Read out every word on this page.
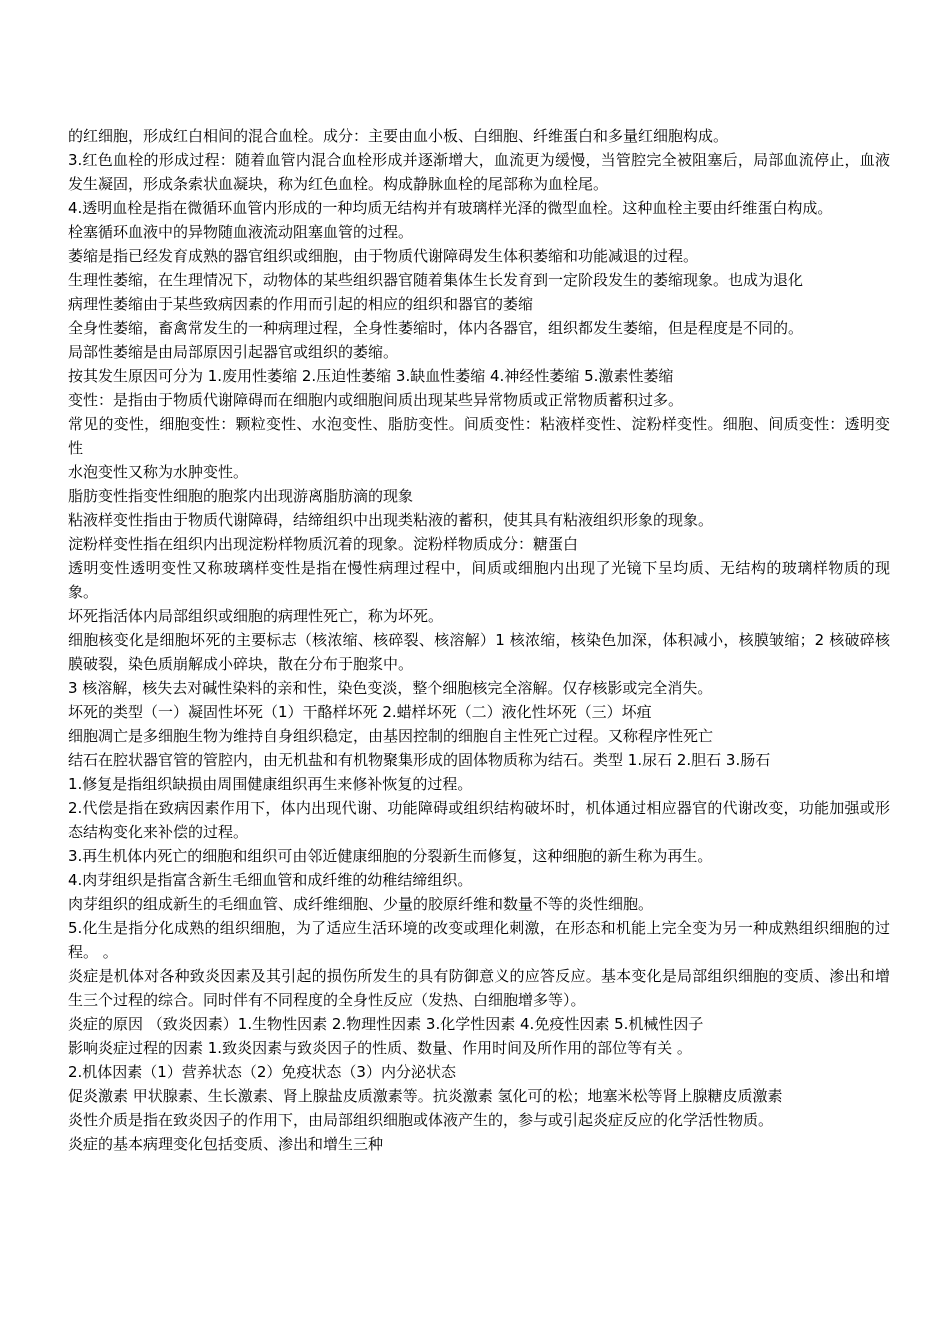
的红细胞，形成红白相间的混合血栓。成分：主要由血小板、白细胞、纤维蛋白和多量红细胞构成。

3.红色血栓的形成过程：随着血管内混合血栓形成并逐渐增大，血流更为缓慢，当管腔完全被阻塞后，局部血流停止，血液发生凝固，形成条索状血凝块，称为红色血栓。构成静脉血栓的尾部称为血栓尾。

4.透明血栓是指在微循环血管内形成的一种均质无结构并有玻璃样光泽的微型血栓。这种血栓主要由纤维蛋白构成。

栓塞循环血液中的异物随血液流动阻塞血管的过程。

萎缩是指已经发育成熟的器官组织或细胞，由于物质代谢障碍发生体积萎缩和功能减退的过程。

生理性萎缩，在生理情况下，动物体的某些组织器官随着集体生长发育到一定阶段发生的萎缩现象。也成为退化

病理性萎缩由于某些致病因素的作用而引起的相应的组织和器官的萎缩

全身性萎缩，畜禽常发生的一种病理过程，全身性萎缩时，体内各器官，组织都发生萎缩，但是程度是不同的。

局部性萎缩是由局部原因引起器官或组织的萎缩。

按其发生原因可分为 1.废用性萎缩 2.压迫性萎缩 3.缺血性萎缩 4.神经性萎缩 5.激素性萎缩

变性：是指由于物质代谢障碍而在细胞内或细胞间质出现某些异常物质或正常物质蓄积过多。

常见的变性，细胞变性：颗粒变性、水泡变性、脂肪变性。间质变性：粘液样变性、淀粉样变性。细胞、间质变性：透明变性

水泡变性又称为水肿变性。

脂肪变性指变性细胞的胞浆内出现游离脂肪滴的现象

粘液样变性指由于物质代谢障碍，结缔组织中出现类粘液的蓄积，使其具有粘液组织形象的现象。

淀粉样变性指在组织内出现淀粉样物质沉着的现象。淀粉样物质成分：糖蛋白

透明变性透明变性又称玻璃样变性是指在慢性病理过程中，间质或细胞内出现了光镜下呈均质、无结构的玻璃样物质的现象。

坏死指活体内局部组织或细胞的病理性死亡，称为坏死。

细胞核变化是细胞坏死的主要标志（核浓缩、核碎裂、核溶解）1 核浓缩，核染色加深，体积减小，核膜皱缩；2 核破碎核膜破裂，染色质崩解成小碎块，散在分布于胞浆中。

3 核溶解，核失去对碱性染料的亲和性，染色变淡，整个细胞核完全溶解。仅存核影或完全消失。

坏死的类型（一）凝固性坏死（1）干酪样坏死 2.蜡样坏死（二）液化性坏死（三）坏疽

细胞凋亡是多细胞生物为维持自身组织稳定，由基因控制的细胞自主性死亡过程。又称程序性死亡

结石在腔状器官管的管腔内，由无机盐和有机物聚集形成的固体物质称为结石。类型 1.尿石 2.胆石 3.肠石

1.修复是指组织缺损由周围健康组织再生来修补恢复的过程。

2.代偿是指在致病因素作用下，体内出现代谢、功能障碍或组织结构破坏时，机体通过相应器官的代谢改变，功能加强或形态结构变化来补偿的过程。

3.再生机体内死亡的细胞和组织可由邻近健康细胞的分裂新生而修复，这种细胞的新生称为再生。

4.肉芽组织是指富含新生毛细血管和成纤维的幼稚结缔组织。

肉芽组织的组成新生的毛细血管、成纤维细胞、少量的胶原纤维和数量不等的炎性细胞。

5.化生是指分化成熟的组织细胞，为了适应生活环境的改变或理化刺激，在形态和机能上完全变为另一种成熟组织细胞的过程。 。

炎症是机体对各种致炎因素及其引起的损伤所发生的具有防御意义的应答反应。基本变化是局部组织细胞的变质、渗出和增生三个过程的综合。同时伴有不同程度的全身性反应（发热、白细胞增多等）。

炎症的原因 （致炎因素）1.生物性因素 2.物理性因素 3.化学性因素 4.免疫性因素 5.机械性因子

影响炎症过程的因素 1.致炎因素与致炎因子的性质、数量、作用时间及所作用的部位等有关 。

2.机体因素（1）营养状态（2）免疫状态（3）内分泌状态

促炎激素 甲状腺素、生长激素、肾上腺盐皮质激素等。抗炎激素 氢化可的松；地塞米松等肾上腺糖皮质激素

炎性介质是指在致炎因子的作用下，由局部组织细胞或体液产生的，参与或引起炎症反应的化学活性物质。

炎症的基本病理变化包括变质、渗出和增生三种
